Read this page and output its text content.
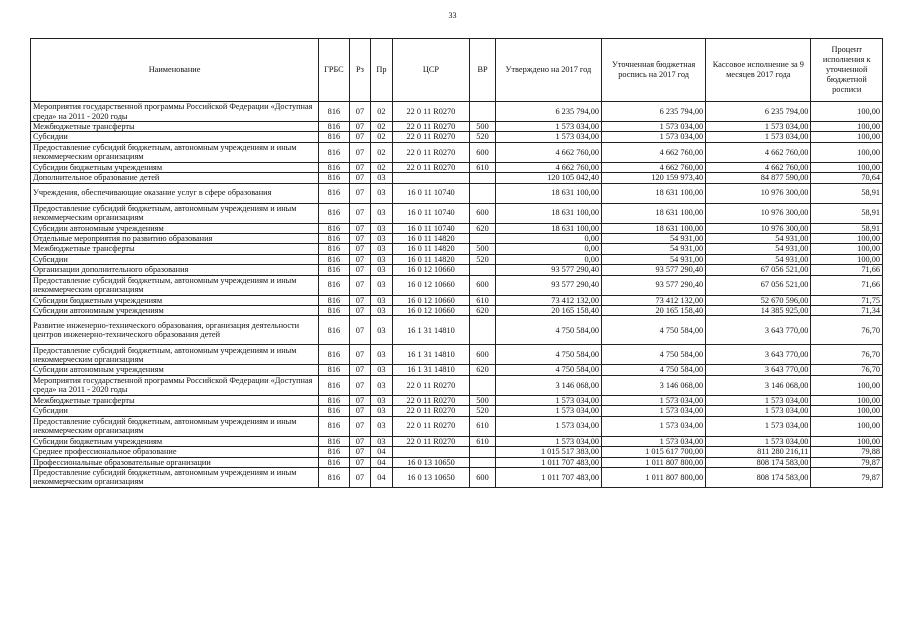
33
Наименование	ГРБС	Рз	Пр	ЦСР	ВР	Утверждено на 2017 год	Уточненная бюджетная роспись на 2017 год	Кассовое исполнение за 9 месяцев 2017 года	Процент исполнения к уточненной бюджетной росписи
Мероприятия государственной программы Российской Федерации «Доступная среда» на 2011 - 2020 годы	816	07	02	22 0 11 R0270		6 235 794,00	6 235 794,00	6 235 794,00	100,00
Межбюджетные трансферты	816	07	02	22 0 11 R0270	500	1 573 034,00	1 573 034,00	1 573 034,00	100,00
Субсидии	816	07	02	22 0 11 R0270	520	1 573 034,00	1 573 034,00	1 573 034,00	100,00
Предоставление субсидий бюджетным, автономным учреждениям и иным некоммерческим организациям	816	07	02	22 0 11 R0270	600	4 662 760,00	4 662 760,00	4 662 760,00	100,00
Субсидии бюджетным учреждениям	816	07	02	22 0 11 R0270	610	4 662 760,00	4 662 760,00	4 662 760,00	100,00
Дополнительное образование детей	816	07	03			120 105 042,40	120 159 973,40	84 877 590,00	70,64
Учреждения, обеспечивающие оказание услуг в сфере образования	816	07	03	16 0 11 10740		18 631 100,00	18 631 100,00	10 976 300,00	58,91
Предоставление субсидий бюджетным, автономным учреждениям и иным некоммерческим организациям	816	07	03	16 0 11 10740	600	18 631 100,00	18 631 100,00	10 976 300,00	58,91
Субсидии автономным учреждениям	816	07	03	16 0 11 10740	620	18 631 100,00	18 631 100,00	10 976 300,00	58,91
Отдельные мероприятия по развитию образования	816	07	03	16 0 11 14820		0,00	54 931,00	54 931,00	100,00
Межбюджетные трансферты	816	07	03	16 0 11 14820	500	0,00	54 931,00	54 931,00	100,00
Субсидии	816	07	03	16 0 11 14820	520	0,00	54 931,00	54 931,00	100,00
Организации дополнительного образования	816	07	03	16 0 12 10660		93 577 290,40	93 577 290,40	67 056 521,00	71,66
Предоставление субсидий бюджетным, автономным учреждениям и иным некоммерческим организациям	816	07	03	16 0 12 10660	600	93 577 290,40	93 577 290,40	67 056 521,00	71,66
Субсидии бюджетным учреждениям	816	07	03	16 0 12 10660	610	73 412 132,00	73 412 132,00	52 670 596,00	71,75
Субсидии автономным учреждениям	816	07	03	16 0 12 10660	620	20 165 158,40	20 165 158,40	14 385 925,00	71,34
Развитие инженерно-технического образования, организация деятельности центров инженерно-технического образования детей	816	07	03	16 1 31 14810		4 750 584,00	4 750 584,00	3 643 770,00	76,70
Предоставление субсидий бюджетным, автономным учреждениям и иным некоммерческим организациям	816	07	03	16 1 31 14810	600	4 750 584,00	4 750 584,00	3 643 770,00	76,70
Субсидии автономным учреждениям	816	07	03	16 1 31 14810	620	4 750 584,00	4 750 584,00	3 643 770,00	76,70
Мероприятия государственной программы Российской Федерации «Доступная среда» на 2011 - 2020 годы	816	07	03	22 0 11 R0270		3 146 068,00	3 146 068,00	3 146 068,00	100,00
Межбюджетные трансферты	816	07	03	22 0 11 R0270	500	1 573 034,00	1 573 034,00	1 573 034,00	100,00
Субсидии	816	07	03	22 0 11 R0270	520	1 573 034,00	1 573 034,00	1 573 034,00	100,00
Предоставление субсидий бюджетным, автономным учреждениям и иным некоммерческим организациям	816	07	03	22 0 11 R0270	610	1 573 034,00	1 573 034,00	1 573 034,00	100,00
Субсидии бюджетным учреждениям	816	07	03	22 0 11 R0270	610	1 573 034,00	1 573 034,00	1 573 034,00	100,00
Среднее профессиональное образование	816	07	04			1 015 517 383,00	1 015 617 700,00	811 280 216,11	79,88
Профессиональные образовательные организации	816	07	04	16 0 13 10650		1 011 707 483,00	1 011 807 800,00	808 174 583,00	79,87
Предоставление субсидий бюджетным, автономным учреждениям и иным некоммерческим организациям	816	07	04	16 0 13 10650	600	1 011 707 483,00	1 011 807 800,00	808 174 583,00	79,87
